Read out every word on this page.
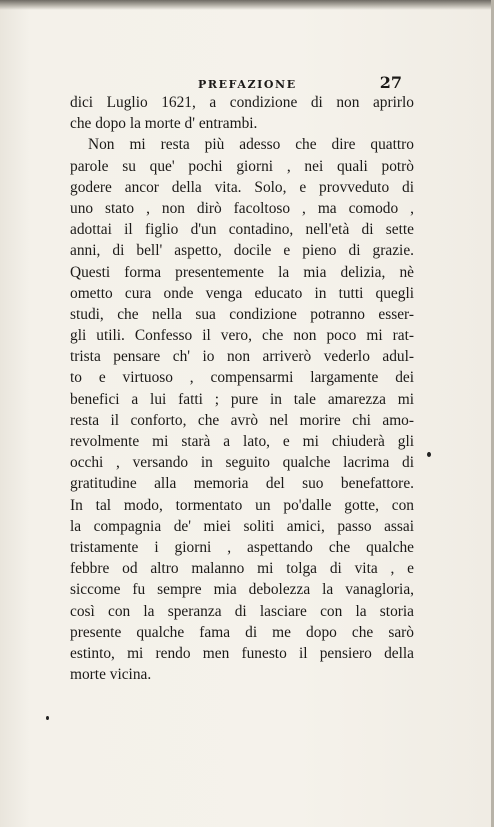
PREFAZIONE	27
dici Luglio 1621, a condizione di non aprirlo
che dopo la morte d' entrambi.
Non mi resta più adesso che dire quattro
parole su que' pochi giorni , nei quali potrò
godere ancor della vita. Solo, e provveduto di
uno stato , non dirò facoltoso , ma comodo ,
adottai il figlio d'un contadino, nell'età di sette
anni, di bell' aspetto, docile e pieno di grazie.
Questi forma presentemente la mia delizia, nè
ometto cura onde venga educato in tutti quegli
studi, che nella sua condizione potranno esser-
gli utili. Confesso il vero, che non poco mi rat-
trista pensare ch' io non arriverò vederlo adul-
to e virtuoso , compensarmi largamente dei
benefici a lui fatti ; pure in tale amarezza mi
resta il conforto, che avrò nel morire chi amo-
revolmente mi starà a lato, e mi chiuderà gli
occhi , versando in seguito qualche lacrima di
gratitudine alla memoria del suo benefattore.
In tal modo, tormentato un po'dalle gotte, con
la compagnia de' miei soliti amici, passo assai
tristamente i giorni , aspettando che qualche
febbre od altro malanno mi tolga di vita , e
siccome fu sempre mia debolezza la vanagloria,
così con la speranza di lasciare con la storia
presente qualche fama di me dopo che sarò
estinto, mi rendo men funesto il pensiero della
morte vicina.
